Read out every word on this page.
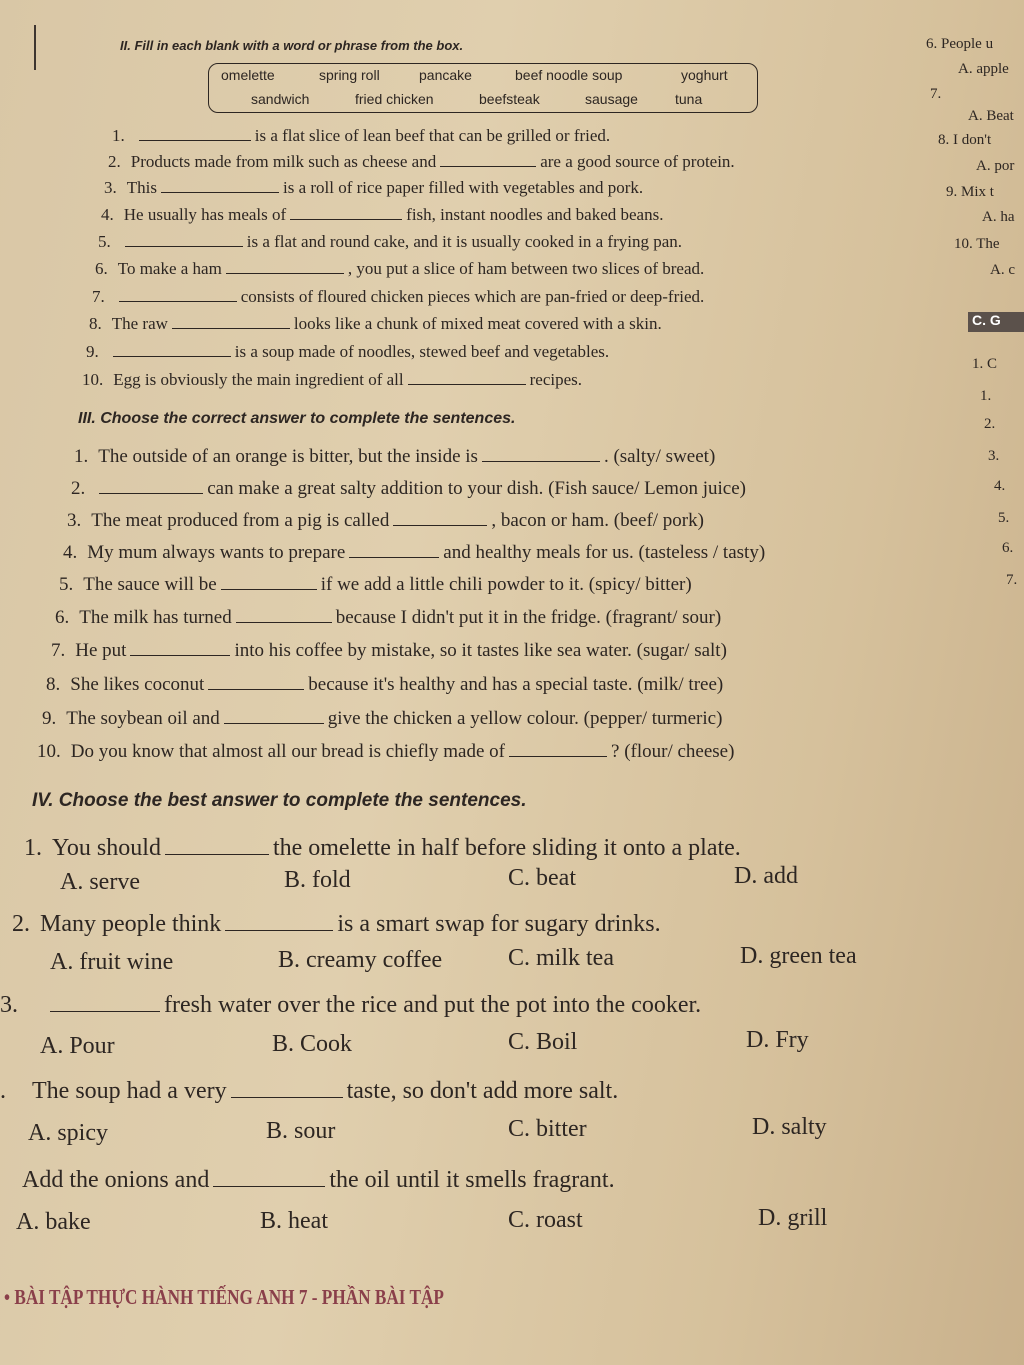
II. Fill in each blank with a word or phrase from the box.
omelette	spring roll	pancake	beef noodle soup	yoghurt
sandwich	fried chicken	beefsteak	sausage	tuna
1.	is a flat slice of lean beef that can be grilled or fried.
2. Products made from milk such as cheese and	are a good source of protein.
3. This	is a roll of rice paper filled with vegetables and pork.
4. He usually has meals of	fish, instant noodles and baked beans.
5.	is a flat and round cake, and it is usually cooked in a frying pan.
6. To make a ham	, you put a slice of ham between two slices of bread.
7.	consists of floured chicken pieces which are pan-fried or deep-fried.
8. The raw	looks like a chunk of mixed meat covered with a skin.
9.	is a soup made of noodles, stewed beef and vegetables.
10. Egg is obviously the main ingredient of all	recipes.
III. Choose the correct answer to complete the sentences.
1. The outside of an orange is bitter, but the inside is	. (salty/ sweet)
2.	can make a great salty addition to your dish. (Fish sauce/ Lemon juice)
3. The meat produced from a pig is called	, bacon or ham. (beef/ pork)
4. My mum always wants to prepare	and healthy meals for us. (tasteless / tasty)
5. The sauce will be	if we add a little chili powder to it. (spicy/ bitter)
6. The milk has turned	because I didn't put it in the fridge. (fragrant/ sour)
7. He put	into his coffee by mistake, so it tastes like sea water. (sugar/ salt)
8. She likes coconut	because it's healthy and has a special taste. (milk/ tree)
9. The soybean oil and	give the chicken a yellow colour. (pepper/ turmeric)
10. Do you know that almost all our bread is chiefly made of	? (flour/ cheese)
IV. Choose the best answer to complete the sentences.
1. You should	the omelette in half before sliding it onto a plate.
A. serve	B. fold	C. beat	D. add
2. Many people think	is a smart swap for sugary drinks.
A. fruit wine	B. creamy coffee	C. milk tea	D. green tea
3.	fresh water over the rice and put the pot into the cooker.
A. Pour	B. Cook	C. Boil	D. Fry
. The soup had a very	taste, so don't add more salt.
A. spicy	B. sour	C. bitter	D. salty
Add the onions and	the oil until it smells fragrant.
A. bake	B. heat	C. roast	D. grill
6. People u
A. apple
7.
A. Beat
8. I don't
A. por
9. Mix t
A. ha
10. The
A. c
C. G
1. C
1.
2.
3.
4.
5.
6.
7.
• BÀI TẬP THỰC HÀNH TIẾNG ANH 7 - PHẦN BÀI TẬP
